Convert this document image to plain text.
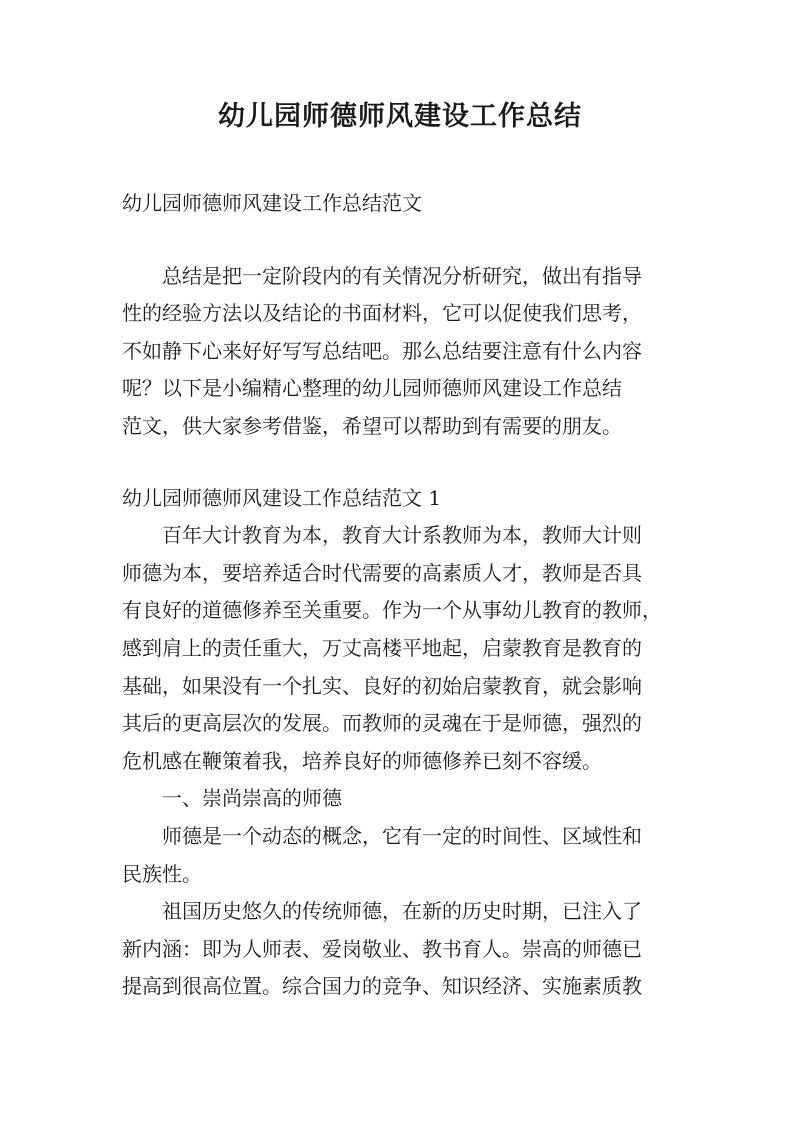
幼儿园师德师风建设工作总结

幼儿园师德师风建设工作总结范文

总结是把一定阶段内的有关情况分析研究，做出有指导
性的经验方法以及结论的书面材料，它可以促使我们思考，
不如静下心来好好写写总结吧。那么总结要注意有什么内容
呢？以下是小编精心整理的幼儿园师德师风建设工作总结
范文，供大家参考借鉴，希望可以帮助到有需要的朋友。

幼儿园师德师风建设工作总结范文 1

百年大计教育为本，教育大计系教师为本，教师大计则
师德为本，要培养适合时代需要的高素质人才，教师是否具
有良好的道德修养至关重要。作为一个从事幼儿教育的教师，
感到肩上的责任重大，万丈高楼平地起，启蒙教育是教育的
基础，如果没有一个扎实、良好的初始启蒙教育，就会影响
其后的更高层次的发展。而教师的灵魂在于是师德，强烈的
危机感在鞭策着我，培养良好的师德修养已刻不容缓。

一、崇尚崇高的师德

师德是一个动态的概念，它有一定的时间性、区域性和
民族性。

祖国历史悠久的传统师德，在新的历史时期，已注入了
新内涵：即为人师表、爱岗敬业、教书育人。崇高的师德已
提高到很高位置。综合国力的竞争、知识经济、实施素质教
